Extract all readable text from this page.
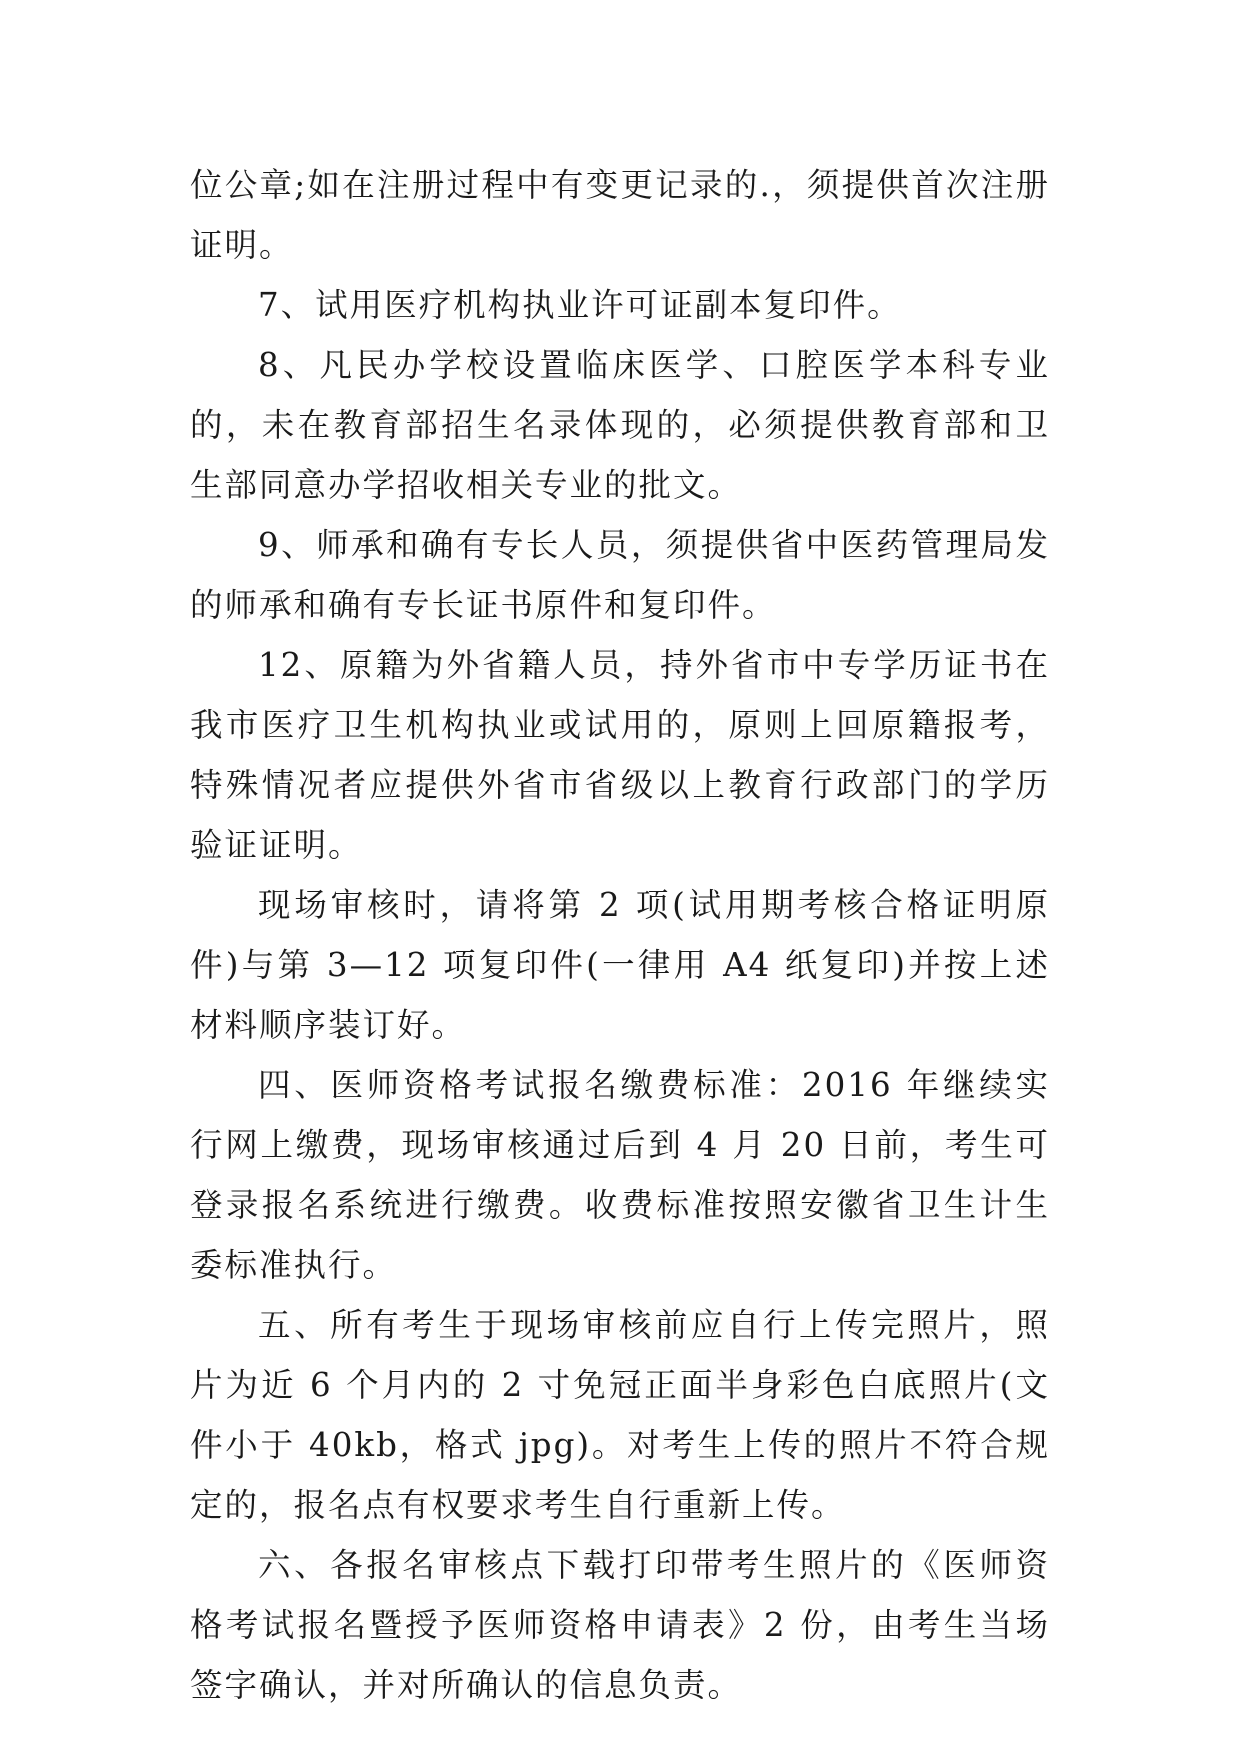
位公章;如在注册过程中有变更记录的.，须提供首次注册证明。

7、试用医疗机构执业许可证副本复印件。

8、凡民办学校设置临床医学、口腔医学本科专业的，未在教育部招生名录体现的，必须提供教育部和卫生部同意办学招收相关专业的批文。

9、师承和确有专长人员，须提供省中医药管理局发的师承和确有专长证书原件和复印件。

12、原籍为外省籍人员，持外省市中专学历证书在我市医疗卫生机构执业或试用的，原则上回原籍报考，特殊情况者应提供外省市省级以上教育行政部门的学历验证证明。

现场审核时，请将第 2 项(试用期考核合格证明原件)与第 3—12 项复印件(一律用 A4 纸复印)并按上述材料顺序装订好。

四、医师资格考试报名缴费标准：2016 年继续实行网上缴费，现场审核通过后到 4 月 20 日前，考生可登录报名系统进行缴费。收费标准按照安徽省卫生计生委标准执行。

五、所有考生于现场审核前应自行上传完照片，照片为近 6 个月内的 2 寸免冠正面半身彩色白底照片(文件小于 40kb，格式 jpg)。对考生上传的照片不符合规定的，报名点有权要求考生自行重新上传。

六、各报名审核点下载打印带考生照片的《医师资格考试报名暨授予医师资格申请表》2 份，由考生当场签字确认，并对所确认的信息负责。
